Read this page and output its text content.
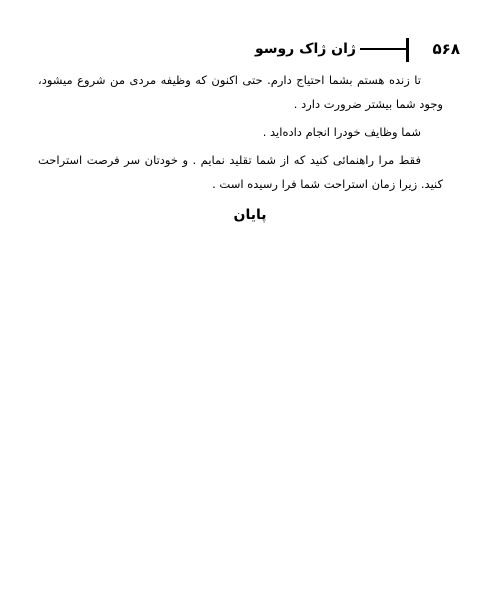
۵۶۸
ژان ژاک روسو

تا زنده هستم بشما احتیاج دارم. حتی اکنون که وظیفه مردی من شروع میشود، وجود شما بیشتر ضرورت دارد .

شما وظایف خودرا انجام داده‌اید .

فقط مرا راهنمائی کنید که از شما تقلید نمایم . و خودتان سر فرصت استراحت کنید. زیرا زمان استراحت شما فرا رسیده است .

پایان
